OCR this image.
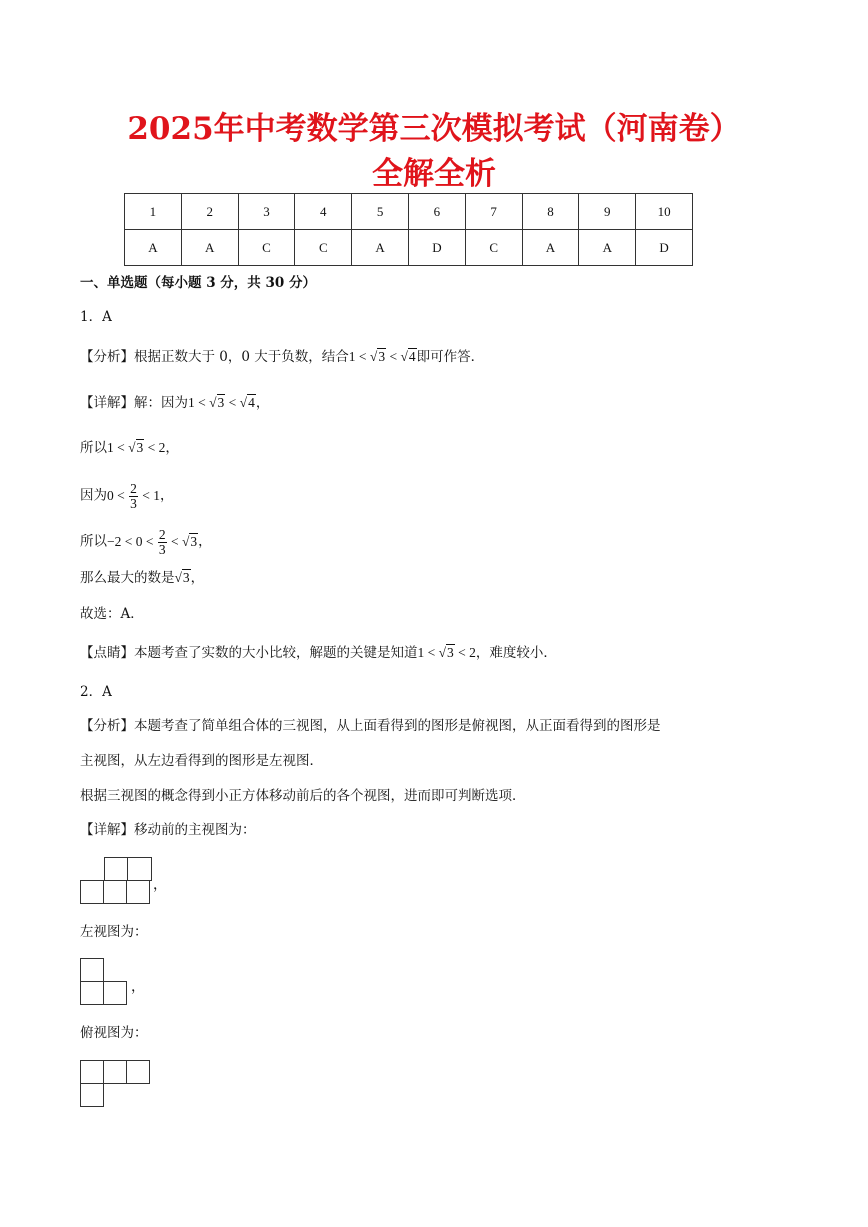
2025年中考数学第三次模拟考试（河南卷）
全解全析
1	2	3	4	5	6	7	8	9	10
A	A	C	C	A	D	C	A	A	D
一、单选题（每小题 3 分，共 30 分）
1．A
【分析】根据正数大于 0，0 大于负数，结合1 < √3 < √4即可作答．
【详解】解：因为1 < √3 < √4，
所以1 < √3 < 2，
因为$0 < \frac{2}{3} < 1$，
所以$-2 < 0 < \frac{2}{3} < √3$，
那么最大的数是√3，
故选：A．
【点睛】本题考查了实数的大小比较，解题的关键是知道1 < √3 < 2，难度较小．
2．A
【分析】本题考查了简单组合体的三视图，从上面看得到的图形是俯视图，从正面看得到的图形是
主视图，从左边看得到的图形是左视图．
根据三视图的概念得到小正方体移动前后的各个视图，进而即可判断选项．
【详解】移动前的主视图为：
，
左视图为：
，
俯视图为：
